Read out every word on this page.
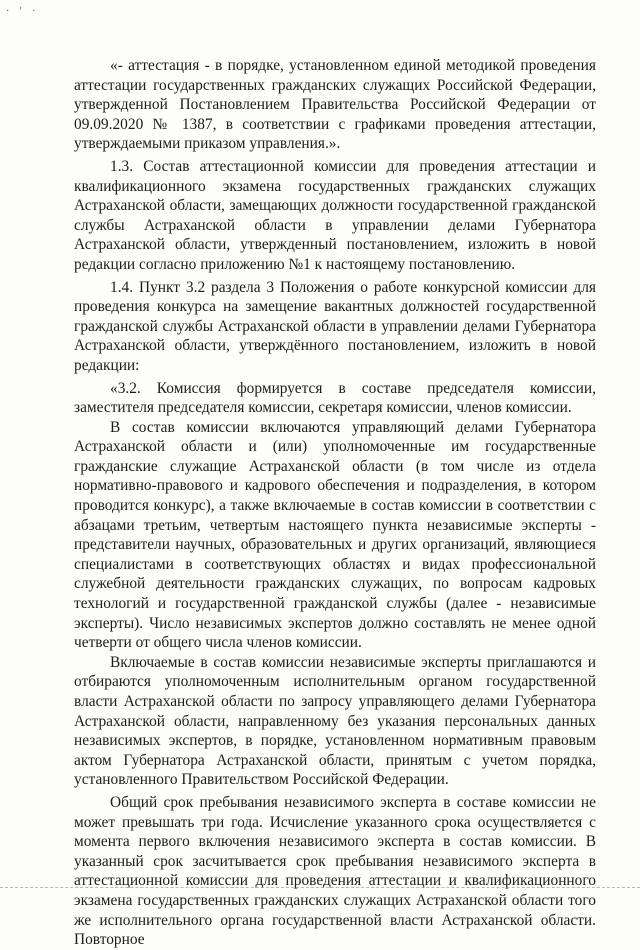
· ' ·

«- аттестация - в порядке, установленном единой методикой проведения аттестации государственных гражданских служащих Российской Федерации, утвержденной Постановлением Правительства Российской Федерации от 09.09.2020 № 1387, в соответствии с графиками проведения аттестации, утверждаемыми приказом управления.».

1.3. Состав аттестационной комиссии для проведения аттестации и квалификационного экзамена государственных гражданских служащих Астраханской области, замещающих должности государственной гражданской службы Астраханской области в управлении делами Губернатора Астраханской области, утвержденный постановлением, изложить в новой редакции согласно приложению №1 к настоящему постановлению.

1.4. Пункт 3.2 раздела 3 Положения о работе конкурсной комиссии для проведения конкурса на замещение вакантных должностей государственной гражданской службы Астраханской области в управлении делами Губернатора Астраханской области, утверждённого постановлением, изложить в новой редакции:

«3.2. Комиссия формируется в составе председателя комиссии, заместителя председателя комиссии, секретаря комиссии, членов комиссии.

В состав комиссии включаются управляющий делами Губернатора Астраханской области и (или) уполномоченные им государственные гражданские служащие Астраханской области (в том числе из отдела нормативно-правового и кадрового обеспечения и подразделения, в котором проводится конкурс), а также включаемые в состав комиссии в соответствии с абзацами третьим, четвертым настоящего пункта независимые эксперты - представители научных, образовательных и других организаций, являющиеся специалистами в соответствующих областях и видах профессиональной служебной деятельности гражданских служащих, по вопросам кадровых технологий и государственной гражданской службы (далее - независимые эксперты). Число независимых экспертов должно составлять не менее одной четверти от общего числа членов комиссии.

Включаемые в состав комиссии независимые эксперты приглашаются и отбираются уполномоченным исполнительным органом государственной власти Астраханской области по запросу управляющего делами Губернатора Астраханской области, направленному без указания персональных данных независимых экспертов, в порядке, установленном нормативным правовым актом Губернатора Астраханской области, принятым с учетом порядка, установленного Правительством Российской Федерации.

Общий срок пребывания независимого эксперта в составе комиссии не может превышать три года. Исчисление указанного срока осуществляется с момента первого включения независимого эксперта в состав комиссии. В указанный срок засчитывается срок пребывания независимого эксперта в аттестационной комиссии для проведения аттестации и квалификационного экзамена государственных гражданских служащих Астраханской области того же исполнительного органа государственной власти Астраханской области. Повторное
